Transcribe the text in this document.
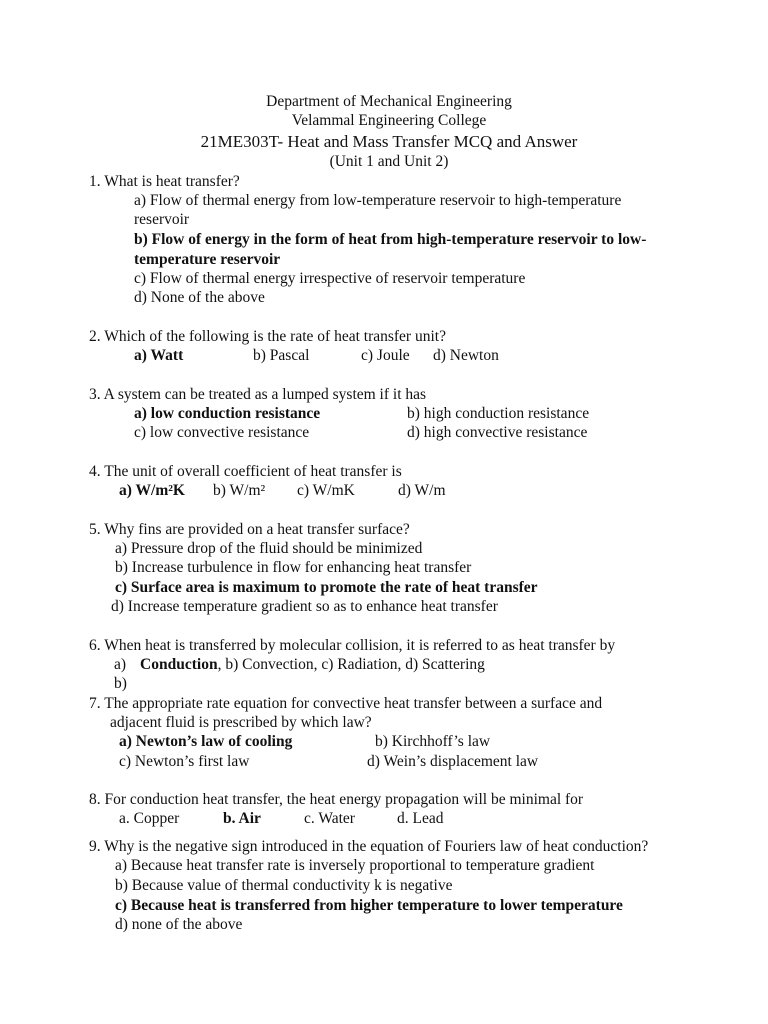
Department of Mechanical Engineering
Velammal Engineering College
21ME303T- Heat and Mass Transfer MCQ and Answer
(Unit 1 and Unit 2)
1. What is heat transfer?
a) Flow of thermal energy from low-temperature reservoir to high-temperature
reservoir
b) Flow of energy in the form of heat from high-temperature reservoir to low-
temperature reservoir
c) Flow of thermal energy irrespective of reservoir temperature
d) None of the above
2. Which of the following is the rate of heat transfer unit?
a) Watt	b) Pascal	c) Joule d) Newton
3. A system can be treated as a lumped system if it has
a) low conduction resistance	b) high conduction resistance
c) low convective resistance	d) high convective resistance
4. The unit of overall coefficient of heat transfer is
a) W/m²K b) W/m² c) W/mK	d) W/m
5. Why fins are provided on a heat transfer surface?
a) Pressure drop of the fluid should be minimized
b) Increase turbulence in flow for enhancing heat transfer
c) Surface area is maximum to promote the rate of heat transfer
d) Increase temperature gradient so as to enhance heat transfer
6. When heat is transferred by molecular collision, it is referred to as heat transfer by
a) Conduction, b) Convection, c) Radiation, d) Scattering
b)
7. The appropriate rate equation for convective heat transfer between a surface and
adjacent fluid is prescribed by which law?
a) Newton’s law of cooling	b) Kirchhoff’s law
c) Newton’s first law	d) Wein’s displacement law
8. For conduction heat transfer, the heat energy propagation will be minimal for
a. Copper	b. Air	c. Water	d. Lead
9. Why is the negative sign introduced in the equation of Fouriers law of heat conduction?
a) Because heat transfer rate is inversely proportional to temperature gradient
b) Because value of thermal conductivity k is negative
c) Because heat is transferred from higher temperature to lower temperature
d) none of the above
